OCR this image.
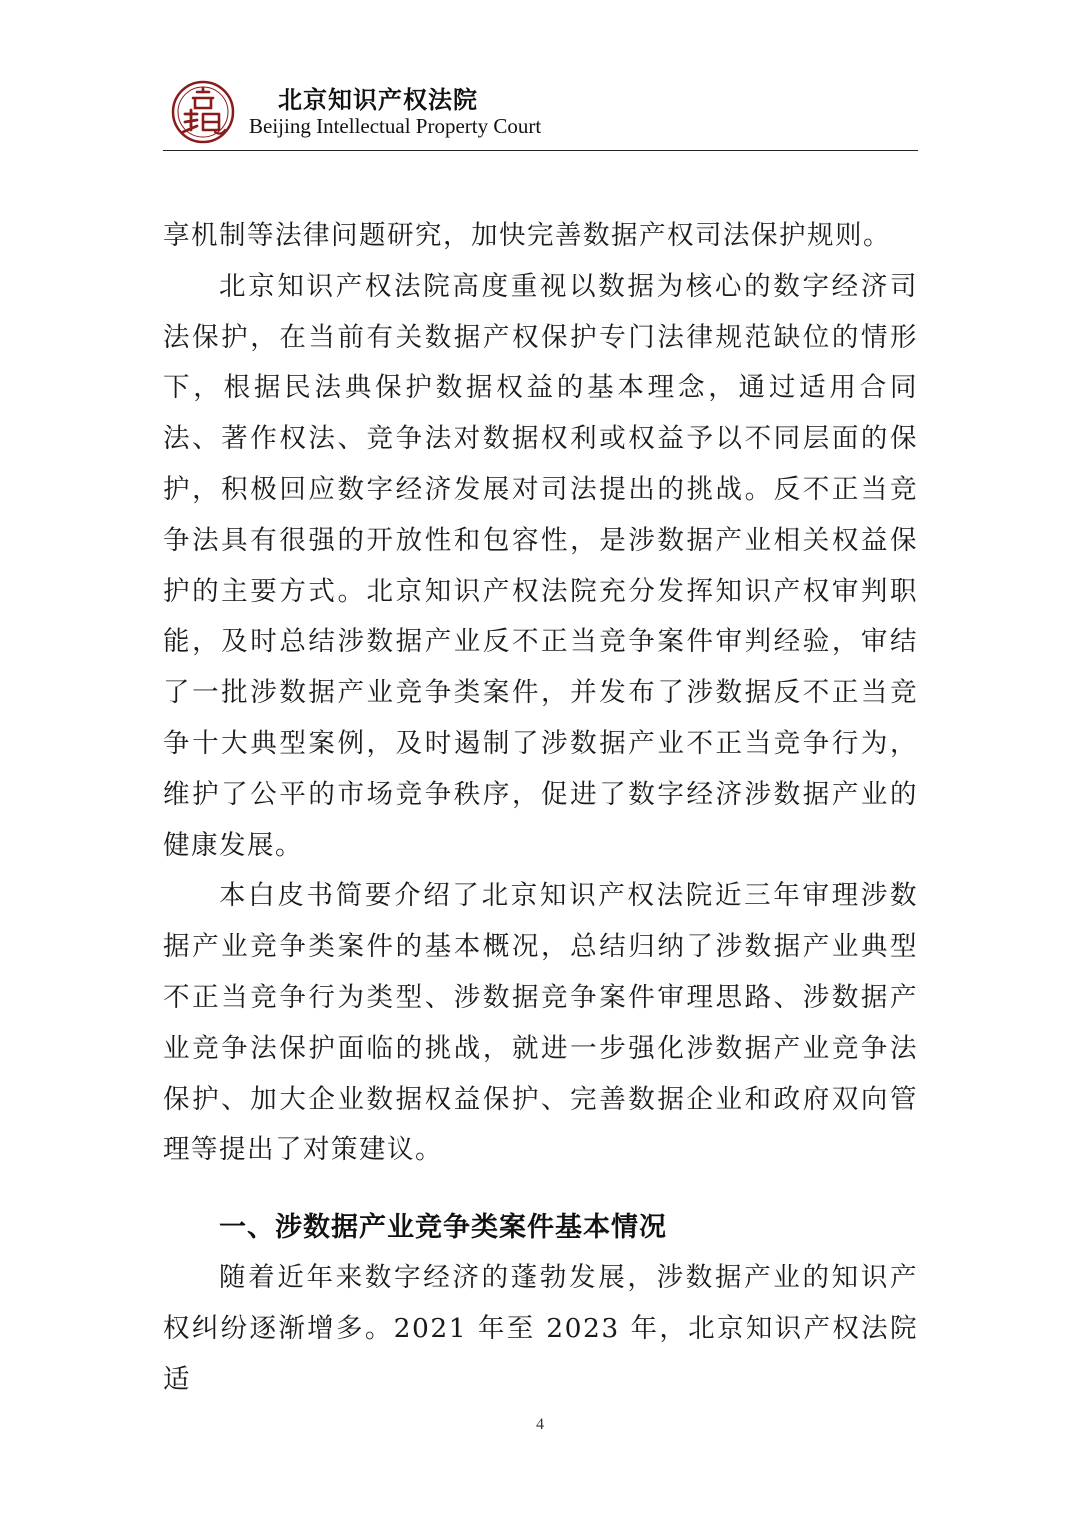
北京知识产权法院
Beijing Intellectual Property Court

享机制等法律问题研究，加快完善数据产权司法保护规则。

北京知识产权法院高度重视以数据为核心的数字经济司法保护，在当前有关数据产权保护专门法律规范缺位的情形下，根据民法典保护数据权益的基本理念，通过适用合同法、著作权法、竞争法对数据权利或权益予以不同层面的保护，积极回应数字经济发展对司法提出的挑战。反不正当竞争法具有很强的开放性和包容性，是涉数据产业相关权益保护的主要方式。北京知识产权法院充分发挥知识产权审判职能，及时总结涉数据产业反不正当竞争案件审判经验，审结了一批涉数据产业竞争类案件，并发布了涉数据反不正当竞争十大典型案例，及时遏制了涉数据产业不正当竞争行为，维护了公平的市场竞争秩序，促进了数字经济涉数据产业的健康发展。

本白皮书简要介绍了北京知识产权法院近三年审理涉数据产业竞争类案件的基本概况，总结归纳了涉数据产业典型不正当竞争行为类型、涉数据竞争案件审理思路、涉数据产业竞争法保护面临的挑战，就进一步强化涉数据产业竞争法保护、加大企业数据权益保护、完善数据企业和政府双向管理等提出了对策建议。

一、涉数据产业竞争类案件基本情况

随着近年来数字经济的蓬勃发展，涉数据产业的知识产权纠纷逐渐增多。2021 年至 2023 年，北京知识产权法院适

4
